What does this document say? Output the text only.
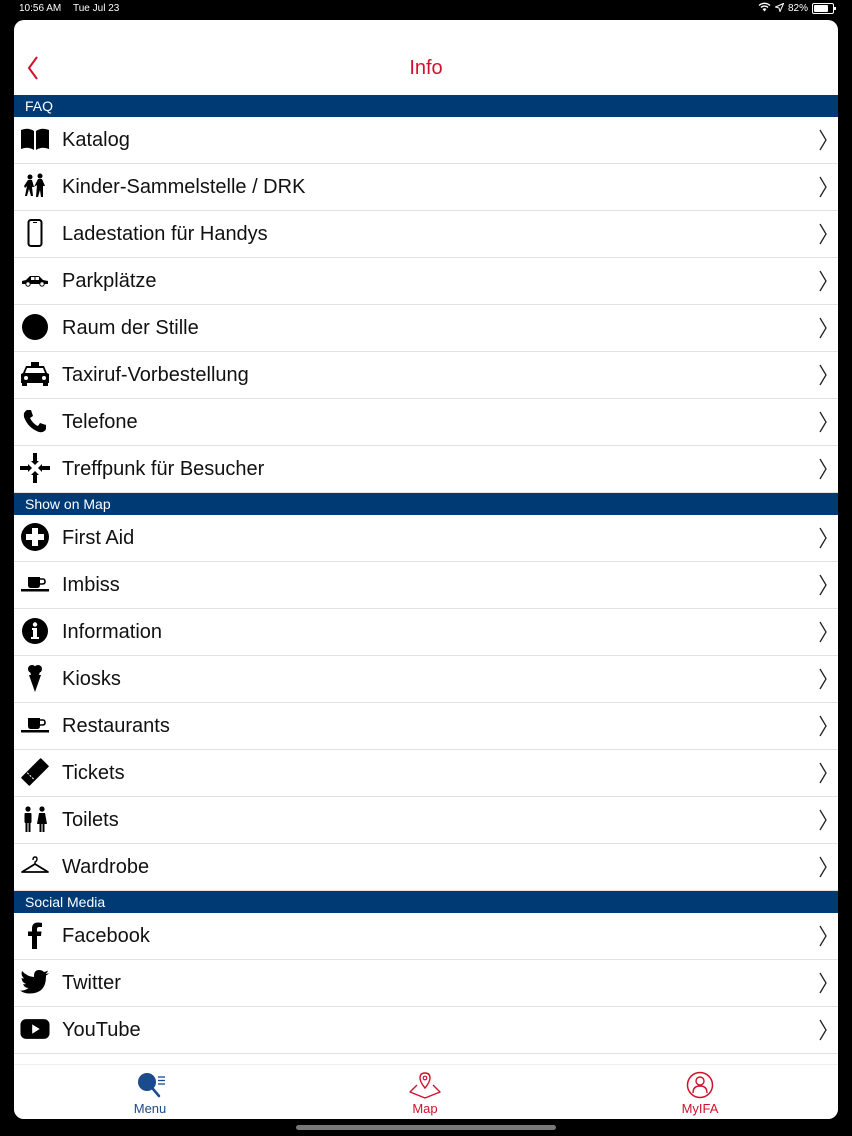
10:56 AM Tue Jul 23	82%
Info
FAQ
Katalog
Kinder-Sammelstelle / DRK
Ladestation für Handys
Parkplätze
Raum der Stille
Taxiruf-Vorbestellung
Telefone
Treffpunk für Besucher
Show on Map
First Aid
Imbiss
Information
Kiosks
Restaurants
Tickets
Toilets
Wardrobe
Social Media
Facebook
Twitter
YouTube
Menu	Map	MyIFA
